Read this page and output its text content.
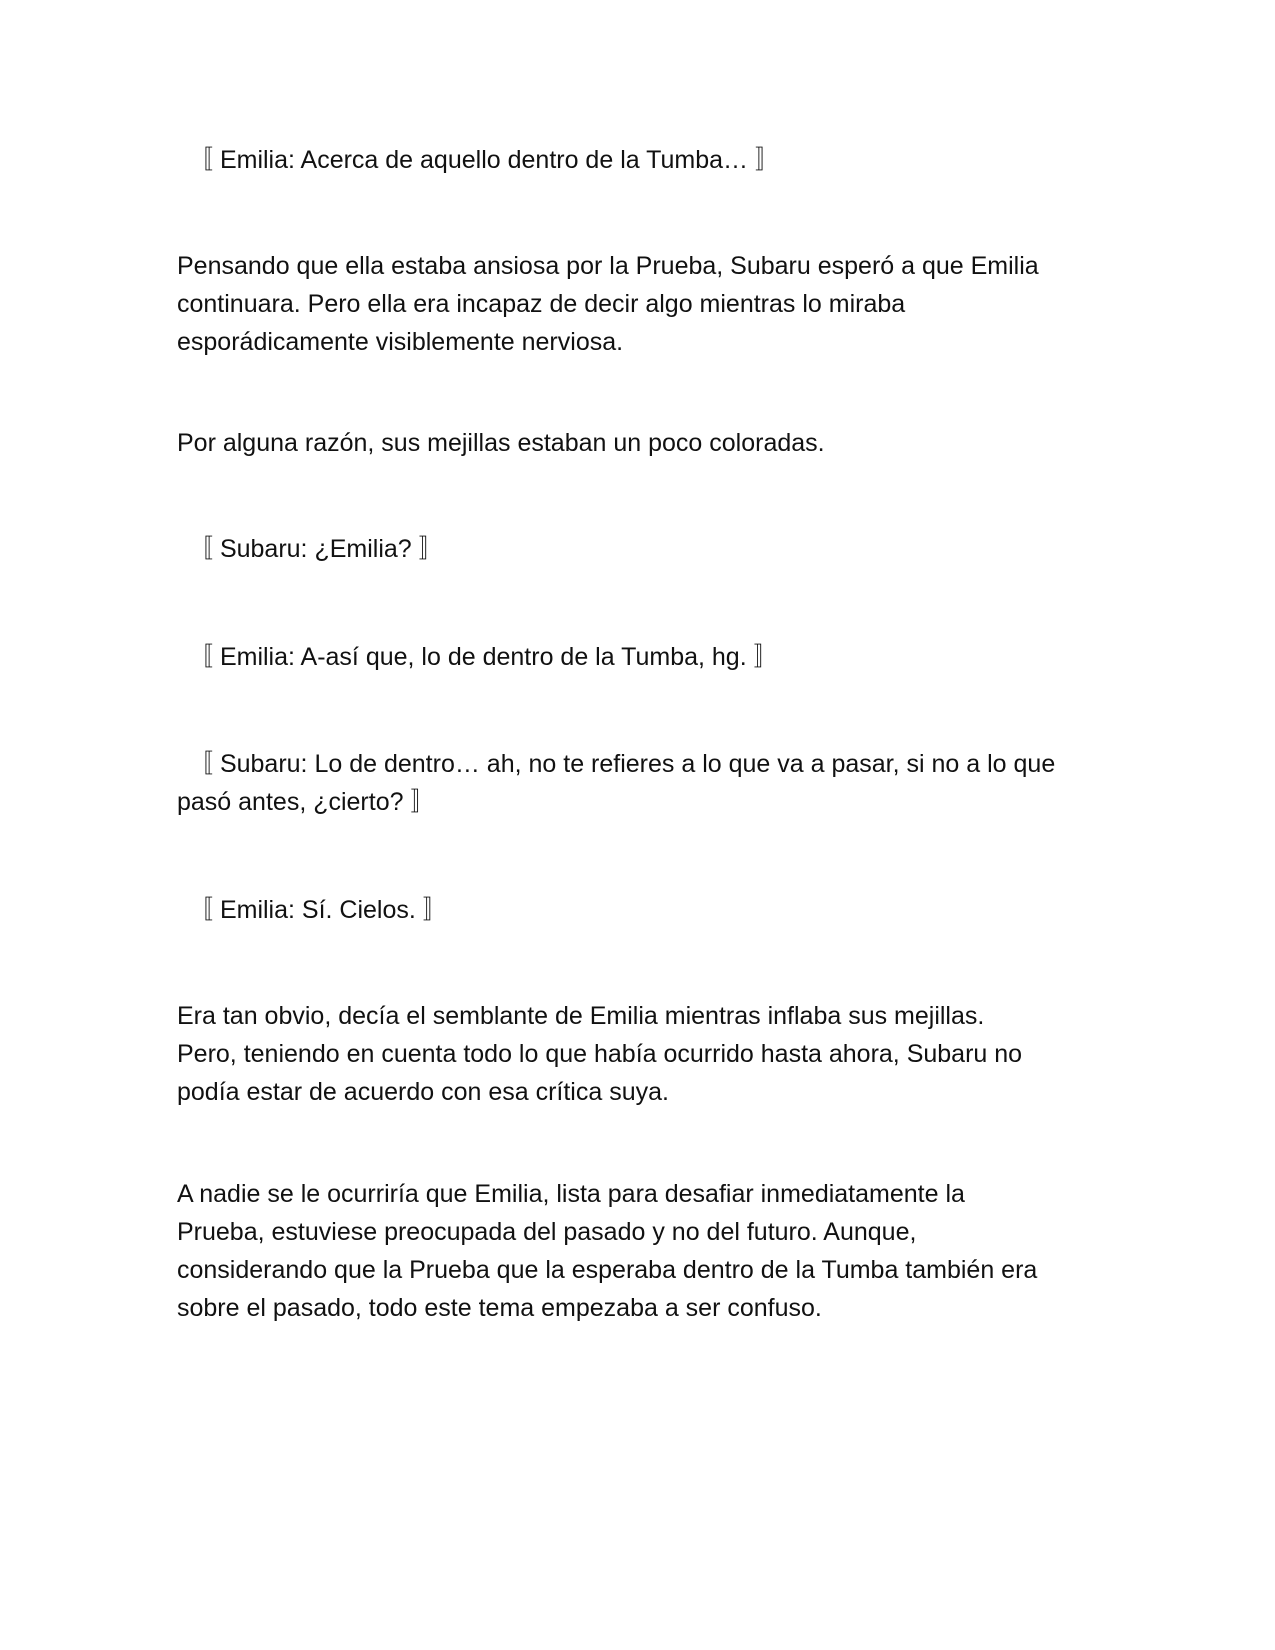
〚 Emilia: Acerca de aquello dentro de la Tumba… 〛

Pensando que ella estaba ansiosa por la Prueba, Subaru esperó a que Emilia
continuara. Pero ella era incapaz de decir algo mientras lo miraba
esporádicamente visiblemente nerviosa.

Por alguna razón, sus mejillas estaban un poco coloradas.

〚 Subaru: ¿Emilia? 〛

〚 Emilia: A-así que, lo de dentro de la Tumba, hg. 〛

〚 Subaru: Lo de dentro… ah, no te refieres a lo que va a pasar, si no a lo que
pasó antes, ¿cierto? 〛

〚 Emilia: Sí. Cielos. 〛

Era tan obvio, decía el semblante de Emilia mientras inflaba sus mejillas.
Pero, teniendo en cuenta todo lo que había ocurrido hasta ahora, Subaru no
podía estar de acuerdo con esa crítica suya.

A nadie se le ocurriría que Emilia, lista para desafiar inmediatamente la
Prueba, estuviese preocupada del pasado y no del futuro. Aunque,
considerando que la Prueba que la esperaba dentro de la Tumba también era
sobre el pasado, todo este tema empezaba a ser confuso.
